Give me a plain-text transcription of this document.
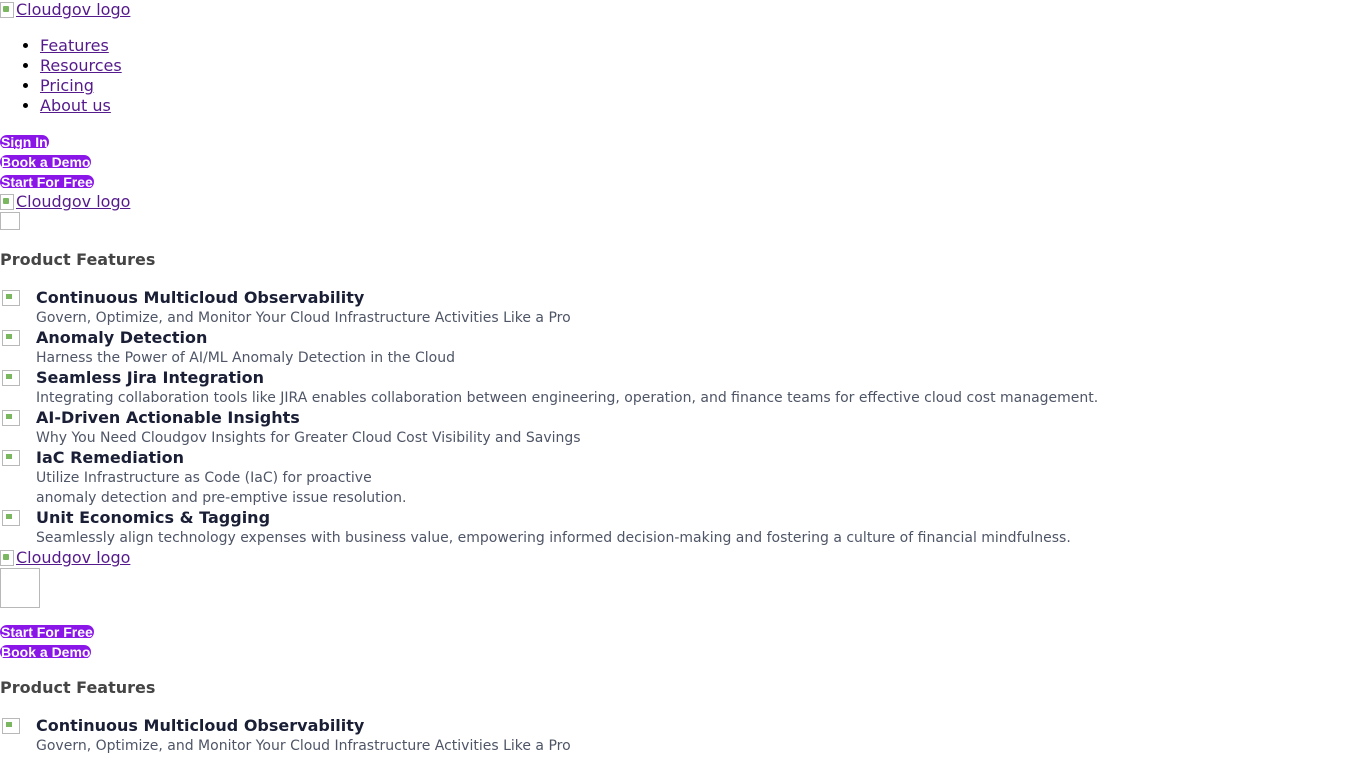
Cloudgov logo
• Features
• Resources
• Pricing
• About us
Sign In
Book a Demo
Start For Free
Cloudgov logo
Product Features
Continuous Multicloud Observability
Govern, Optimize, and Monitor Your Cloud Infrastructure Activities Like a Pro
Anomaly Detection
Harness the Power of AI/ML Anomaly Detection in the Cloud
Seamless Jira Integration
Integrating collaboration tools like JIRA enables collaboration between engineering, operation, and finance teams for effective cloud cost management.
AI-Driven Actionable Insights
Why You Need Cloudgov Insights for Greater Cloud Cost Visibility and Savings
IaC Remediation
Utilize Infrastructure as Code (IaC) for proactive
anomaly detection and pre-emptive issue resolution.
Unit Economics & Tagging
Seamlessly align technology expenses with business value, empowering informed decision-making and fostering a culture of financial mindfulness.
Cloudgov logo
Start For Free
Book a Demo
Product Features
Continuous Multicloud Observability
Govern, Optimize, and Monitor Your Cloud Infrastructure Activities Like a Pro
